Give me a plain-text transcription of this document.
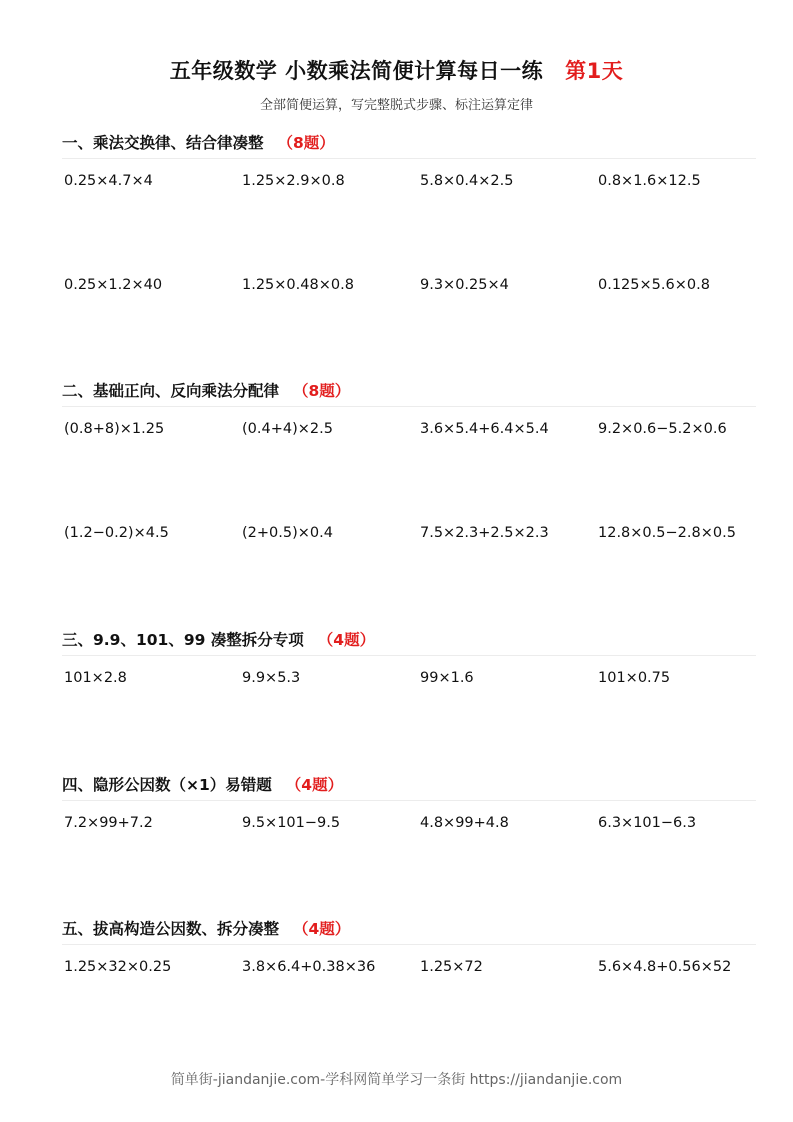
五年级数学 小数乘法简便计算每日一练 第1天
全部简便运算，写完整脱式步骤、标注运算定律
一、乘法交换律、结合律凑整 （8题）
0.25×4.7×4	1.25×2.9×0.8	5.8×0.4×2.5	0.8×1.6×12.5
0.25×1.2×40	1.25×0.48×0.8	9.3×0.25×4	0.125×5.6×0.8
二、基础正向、反向乘法分配律 （8题）
(0.8+8)×1.25	(0.4+4)×2.5	3.6×5.4+6.4×5.4	9.2×0.6−5.2×0.6
(1.2−0.2)×4.5	(2+0.5)×0.4	7.5×2.3+2.5×2.3	12.8×0.5−2.8×0.5
三、9.9、101、99 凑整拆分专项 （4题）
101×2.8	9.9×5.3	99×1.6	101×0.75
四、隐形公因数（×1）易错题 （4题）
7.2×99+7.2	9.5×101−9.5	4.8×99+4.8	6.3×101−6.3
五、拔高构造公因数、拆分凑整 （4题）
1.25×32×0.25	3.8×6.4+0.38×36	1.25×72	5.6×4.8+0.56×52
简单街-jiandanjie.com-学科网简单学习一条街 https://jiandanjie.com
